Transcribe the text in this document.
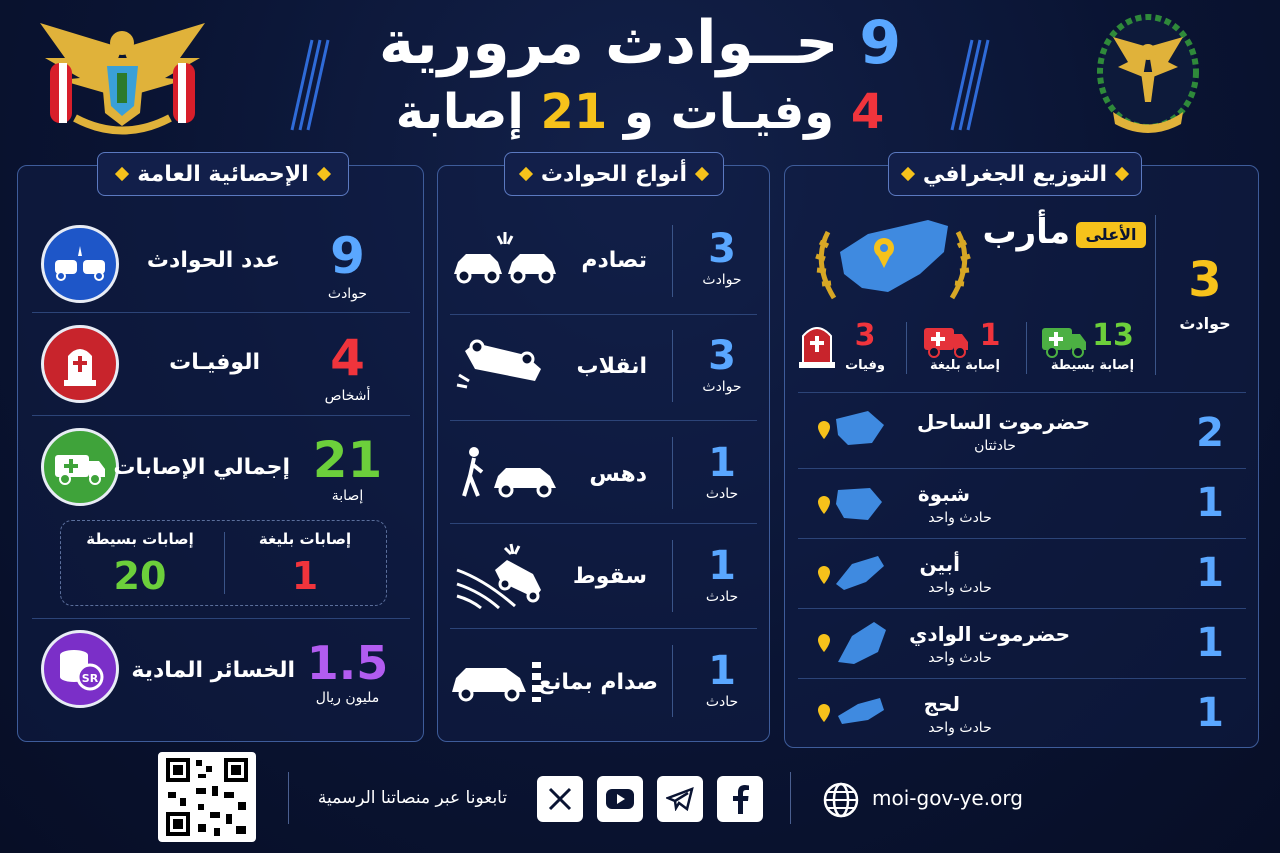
9 حــوادث مرورية
4 وفيـات و 21 إصابة
الإحصائية العامة
عدد الحوادث	9
حوادث
الوفيـات	4
أشخاص
إجمالي الإصابات 21
إصابة
إصابات بليغة
1
إصابات بسيطة
20
SR الخسائر المادية 1.5
مليون ريال
أنواع الحوادث
تصادم	3
حوادث
انقلاب	3
حوادث
دهس	1
حادث
سقوط	1
حادث
صدام بمانع	1
حادث
التوزيع الجغرافي
الأعلى
مأرب
3
حوادث
3
وفيات
1
إصابة بليغة
13
إصابة بسيطة
حضرموت الساحل
حادثتان	2
شبوة
حادث واحد	1
أبين
حادث واحد	1
حضرموت الوادي
حادث واحد	1
لحج
حادث واحد	1
تابعونا عبر منصاتنا الرسمية	moi-gov-ye.org
